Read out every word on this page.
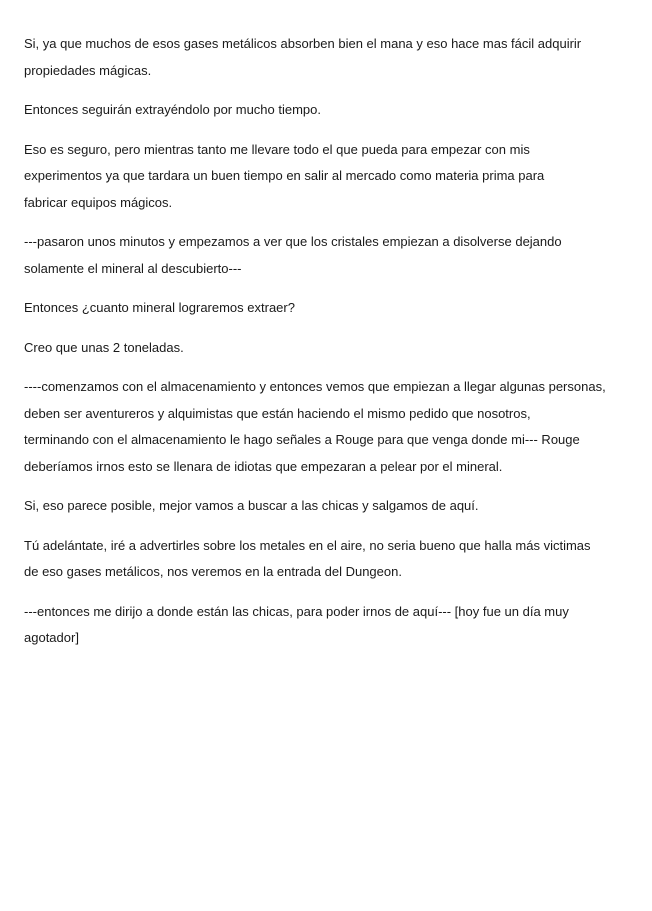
Si, ya que muchos de esos gases metálicos absorben bien el mana y eso hace mas fácil adquirir
propiedades mágicas.

Entonces seguirán extrayéndolo por mucho tiempo.

Eso es seguro, pero mientras tanto me llevare todo el que pueda para empezar con mis
experimentos ya que tardara un buen tiempo en salir al mercado como materia prima para
fabricar equipos mágicos.

---pasaron unos minutos y empezamos a ver que los cristales empiezan a disolverse dejando
solamente el mineral al descubierto---

Entonces ¿cuanto mineral lograremos extraer?

Creo que unas 2 toneladas.

----comenzamos con el almacenamiento y entonces vemos que empiezan a llegar algunas personas,
deben ser aventureros y alquimistas que están haciendo el mismo pedido que nosotros,
terminando con el almacenamiento le hago señales a Rouge para que venga donde mi--- Rouge
deberíamos irnos esto se llenara de idiotas que empezaran a pelear por el mineral.

Si, eso parece posible, mejor vamos a buscar a las chicas y salgamos de aquí.

Tú adelántate, iré a advertirles sobre los metales en el aire, no seria bueno que halla más victimas
de eso gases metálicos, nos veremos en la entrada del Dungeon.

---entonces me dirijo a donde están las chicas, para poder irnos de aquí--- [hoy fue un día muy
agotador]
